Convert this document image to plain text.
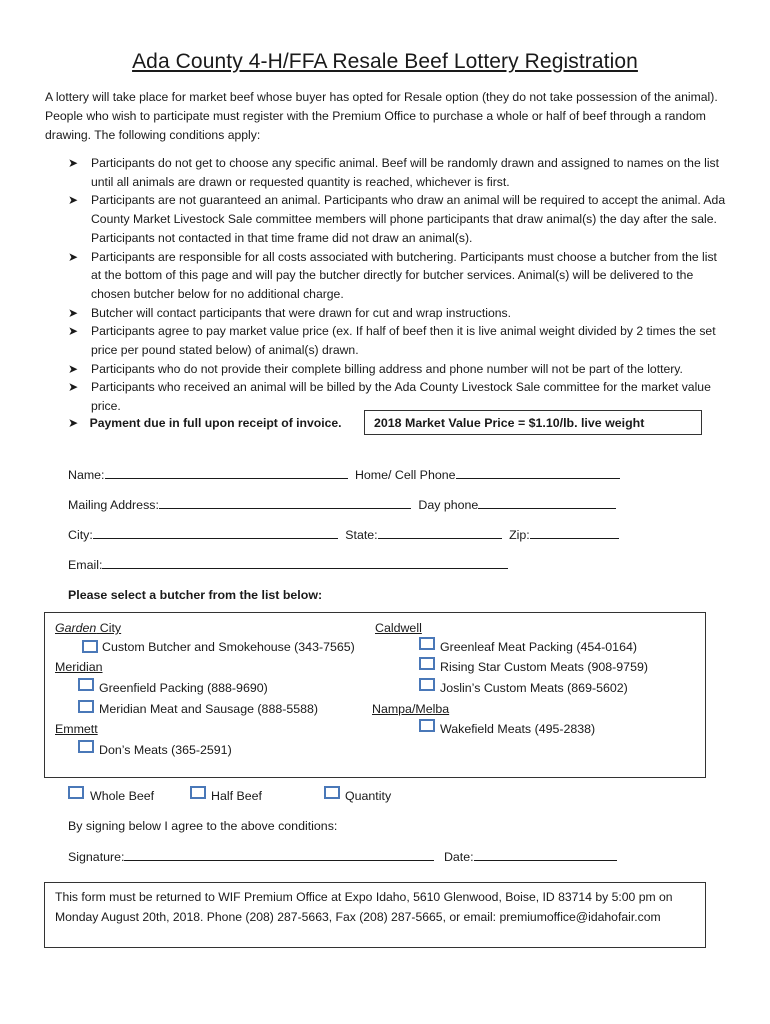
Ada County 4-H/FFA Resale Beef Lottery Registration
A lottery will take place for market beef whose buyer has opted for Resale option (they do not take possession of the animal). People who wish to participate must register with the Premium Office to purchase a whole or half of beef through a random drawing. The following conditions apply:
➤ Participants do not get to choose any specific animal. Beef will be randomly drawn and assigned to names on the list until all animals are drawn or requested quantity is reached, whichever is first.
➤ Participants are not guaranteed an animal. Participants who draw an animal will be required to accept the animal. Ada County Market Livestock Sale committee members will phone participants that draw animal(s) the day after the sale. Participants not contacted in that time frame did not draw an animal(s).
➤ Participants are responsible for all costs associated with butchering. Participants must choose a butcher from the list at the bottom of this page and will pay the butcher directly for butcher services. Animal(s) will be delivered to the chosen butcher below for no additional charge.
➤ Butcher will contact participants that were drawn for cut and wrap instructions.
➤ Participants agree to pay market value price (ex. If half of beef then it is live animal weight divided by 2 times the set price per pound stated below) of animal(s) drawn.
➤ Participants who do not provide their complete billing address and phone number will not be part of the lottery.
➤	Participants who received an animal will be billed by the Ada County Livestock Sale committee for the market value price.
➤ Payment due in full upon receipt of invoice.	2018 Market Value Price = $1.10/lb. live weight
Name:	Home/ Cell Phone
Mailing Address:	Day phone
City:	State:	Zip:
Email:
Please select a butcher from the list below:
Garden City
Custom Butcher and Smokehouse (343-7565)
Meridian
Greenfield Packing (888-9690)
Meridian Meat and Sausage (888-5588)
Emmett
Don’s Meats (365-2591)
Caldwell
Greenleaf Meat Packing (454-0164)
Rising Star Custom Meats (908-9759)
Joslin’s Custom Meats (869-5602)
Nampa/Melba
Wakefield Meats (495-2838)
Whole Beef	Half Beef	Quantity
By signing below I agree to the above conditions:
Signature:	Date:
This form must be returned to WIF Premium Office at Expo Idaho, 5610 Glenwood, Boise, ID 83714 by 5:00 pm on Monday August 20th, 2018. Phone (208) 287-5663, Fax (208) 287-5665, or email: premiumoffice@idahofair.com
